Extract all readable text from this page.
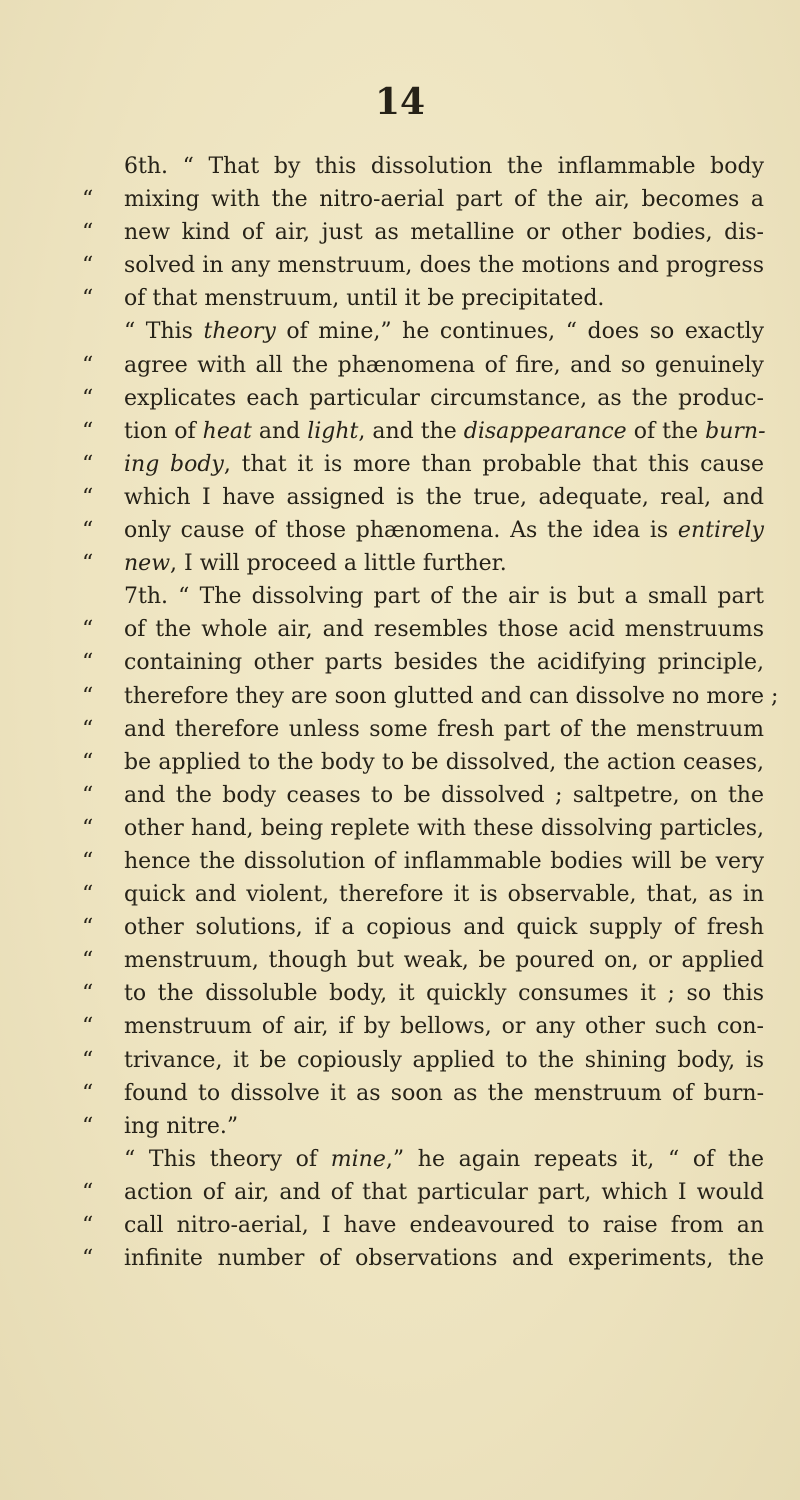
14
6th. “ That by this dissolution the inflammable body
“	mixing with the nitro-aerial part of the air, becomes a
“	new kind of air, just as metalline or other bodies, dis-
“	solved in any menstruum, does the motions and progress
“	of that menstruum, until it be precipitated.
“ This theory of mine,” he continues, “ does so exactly
“	agree with all the phænomena of fire, and so genuinely
“	explicates each particular circumstance, as the produc-
“	tion of heat and light, and the disappearance of the burn-
“	ing body, that it is more than probable that this cause
“	which I have assigned is the true, adequate, real, and
“	only cause of those phænomena. As the idea is entirely
“	new, I will proceed a little further.
7th. “ The dissolving part of the air is but a small part
“	of the whole air, and resembles those acid menstruums
“	containing other parts besides the acidifying principle,
“	therefore they are soon glutted and can dissolve no more ;
“	and therefore unless some fresh part of the menstruum
“	be applied to the body to be dissolved, the action ceases,
“	and the body ceases to be dissolved ; saltpetre, on the
“	other hand, being replete with these dissolving particles,
“	hence the dissolution of inflammable bodies will be very
“	quick and violent, therefore it is observable, that, as in
“	other solutions, if a copious and quick supply of fresh
“	menstruum, though but weak, be poured on, or applied
“	to the dissoluble body, it quickly consumes it ; so this
“	menstruum of air, if by bellows, or any other such con-
“	trivance, it be copiously applied to the shining body, is
“	found to dissolve it as soon as the menstruum of burn-
“	ing nitre.”
“ This theory of mine,” he again repeats it, “ of the
“	action of air, and of that particular part, which I would
“	call nitro-aerial, I have endeavoured to raise from an
“	infinite number of observations and experiments, the
